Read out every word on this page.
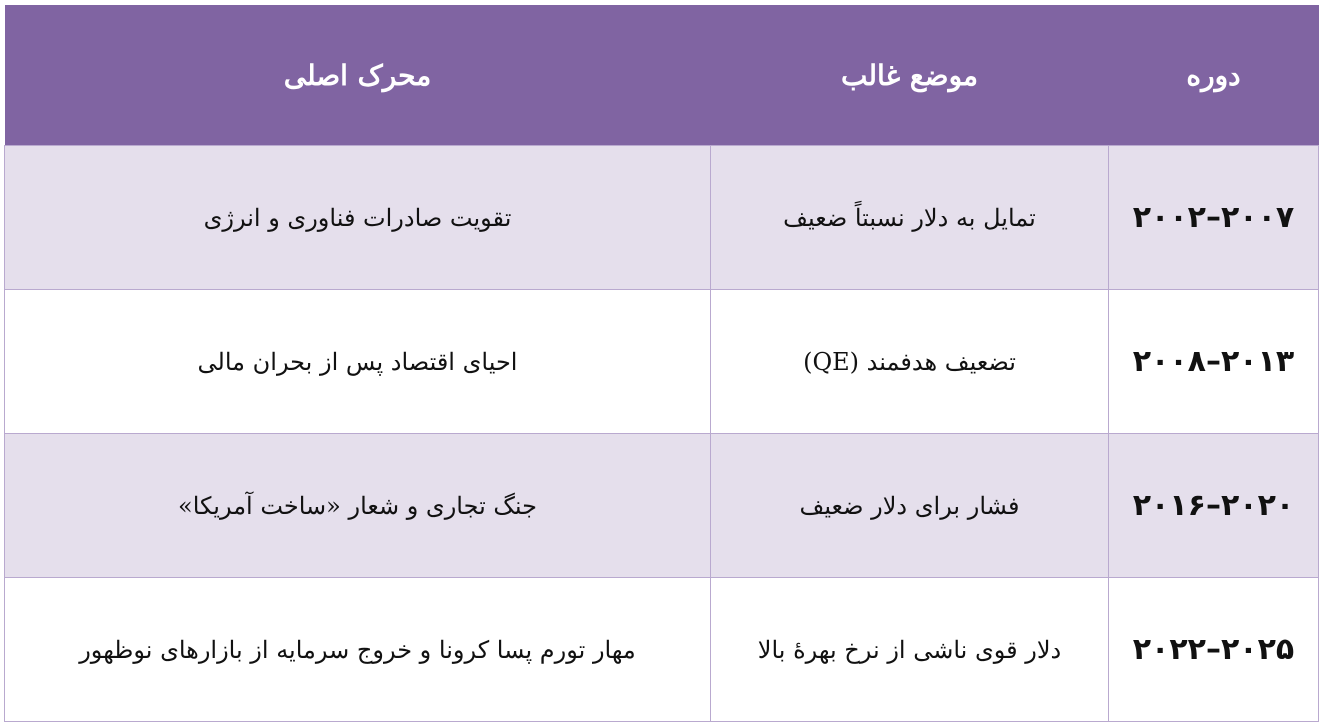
دوره	موضع غالب	محرک اصلی
۲۰۰۷–۲۰۰۲	تمایل به دلار نسبتاً ضعیف	تقویت صادرات فناوری و انرژی
۲۰۱۳–۲۰۰۸	تضعیف هدفمند (QE)	احیای اقتصاد پس از بحران مالی
۲۰۲۰–۲۰۱۶	فشار برای دلار ضعیف	جنگ تجاری و شعار «ساخت آمریکا»
۲۰۲۵–۲۰۲۲	دلار قوی ناشی از نرخ بهرهٔ بالا	مهار تورم پسا کرونا و خروج سرمایه از بازارهای نوظهور
